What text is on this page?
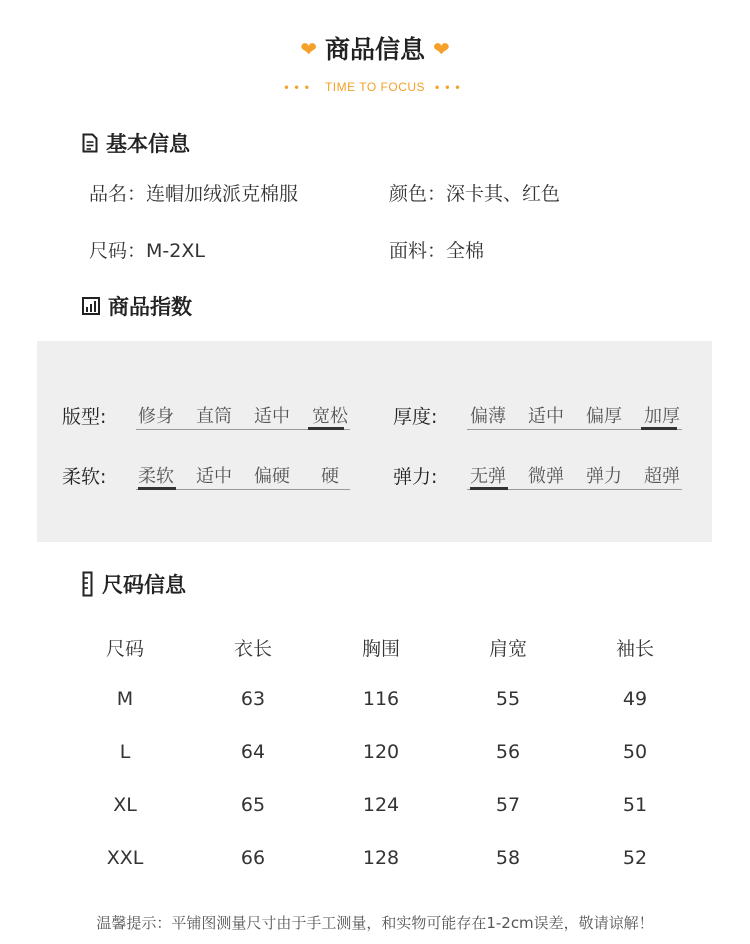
❤ 商品信息 ❤
••• TIME TO FOCUS •••
基本信息
品名：连帽加绒派克棉服	颜色：深卡其、红色
尺码：M-2XL	面料：全棉
商品指数
版型:	修身	直筒	适中	宽松	厚度:	偏薄	适中	偏厚	加厚
柔软:	柔软	适中	偏硬	硬	弹力:	无弹	微弹	弹力	超弹
尺码信息
尺码	衣长	胸围	肩宽	袖长
M	63	116	55	49
L	64	120	56	50
XL	65	124	57	51
XXL	66	128	58	52
温馨提示：平铺图测量尺寸由于手工测量，和实物可能存在1-2cm误差，敬请谅解！
